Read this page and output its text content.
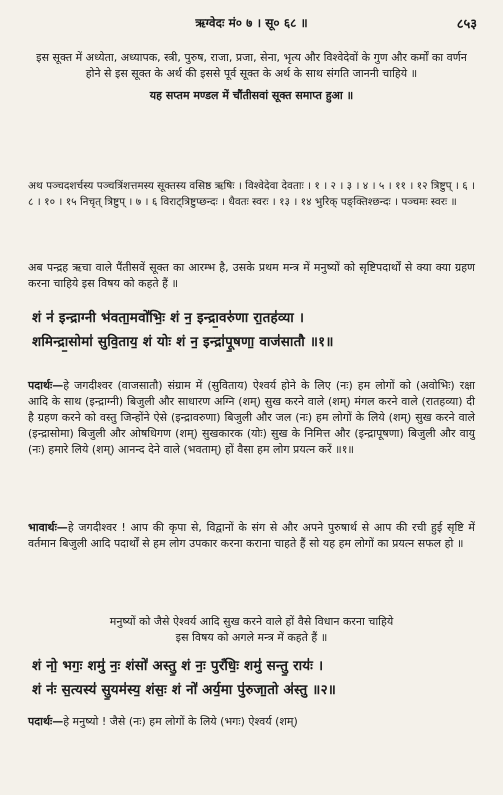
ऋग्वेदः मं० ७ । सू० ६८ ॥	८५३

इस सूक्त में अध्येता, अध्यापक, स्त्री, पुरुष, राजा, प्रजा, सेना, भृत्य और विश्वेदेवों के गुण और कर्मों का वर्णन होने से इस सूक्त के अर्थ की इससे पूर्व सूक्त के अर्थ के साथ संगति जाननी चाहिये ॥

यह सप्तम मण्डल में चौंतीसवां सूक्त समाप्त हुआ ॥

अथ पञ्चदशर्चस्य पञ्चत्रिंशत्तमस्य सूक्तस्य वसिष्ठ ऋषिः । विश्वेदेवा देवताः । १ । २ । ३ । ४ । ५ । ११ । १२ त्रिष्टुप् । ६ । ८ । १० । १५ निचृत् त्रिष्टुप् । ७ । ६ विराट्त्रिष्टुप्छन्दः । धैवतः स्वरः । १३ । १४ भुरिक् पङ्क्तिश्छन्दः । पञ्चमः स्वरः ॥
अब पन्द्रह ऋचा वाले पैंतीसवें सूक्त का आरम्भ है, उसके प्रथम मन्त्र में मनुष्यों को सृष्टिपदार्थों से क्या क्या ग्रहण करना चाहिये इस विषय को कहते हैं ॥

शं न॑ इन्द्राग्नी भ॑वता॒मवो॑भिः॒ शं न॒ इन्द्रा॒वरु॑णा रा॒तह॑व्या ।

शमिन्द्रा॒सोमा॑ सुवि॒ताय॒ शं योः शं न॒ इन्द्रा॑पू॒षणा॒ वाज॑सातौ ॥१॥

पदार्थः—हे जगदीश्वर (वाजसातौ) संग्राम में (सुविताय) ऐश्वर्य होने के लिए (नः) हम लोगों को (अवोभिः) रक्षा आदि के साथ (इन्द्राग्नी) बिजुली और साधारण अग्नि (शम्) सुख करने वाले (शम्) मंगल करने वाले (रातहव्या) दी है ग्रहण करने को वस्तु जिन्होंने ऐसे (इन्द्रावरुणा) बिजुली और जल (नः) हम लोगों के लिये (शम्) सुख करने वाले (इन्द्रासोमा) बिजुली और ओषधिगण (शम्) सुखकारक (योः) सुख के निमित्त और (इन्द्रापूषणा) बिजुली और वायु (नः) हमारे लिये (शम्) आनन्द देने वाले (भवताम्) हों वैसा हम लोग प्रयत्न करें ॥१॥
भावार्थः—हे जगदीश्वर ! आप की कृपा से, विद्वानों के संग से और अपने पुरुषार्थ से आप की रची हुई सृष्टि में वर्तमान बिजुली आदि पदार्थों से हम लोग उपकार करना कराना चाहते हैं सो यह हम लोगों का प्रयत्न सफल हो ॥

मनुष्यों को जैसे ऐश्वर्य आदि सुख करने वाले हों वैसे विधान करना चाहिये

इस विषय को अगले मन्त्र में कहते हैं ॥

शं नो॒ भगः॒ शमु॑ नः॒ शंसो॑ अस्तु॒ शं नः॒ पुरं॑धिः॒ शमु॑ सन्तु॒ रायः॑ ।

शं नः॑ स॒त्यस्य॑ सु॒यम॑स्य॒ शंसः॒ शं नो॑ अर्य॒मा पु॑रुजा॒तो अ॑स्तु ॥२॥

पदार्थः—हे मनुष्यो ! जैसे (नः) हम लोगों के लिये (भगः) ऐश्वर्य (शम्)
